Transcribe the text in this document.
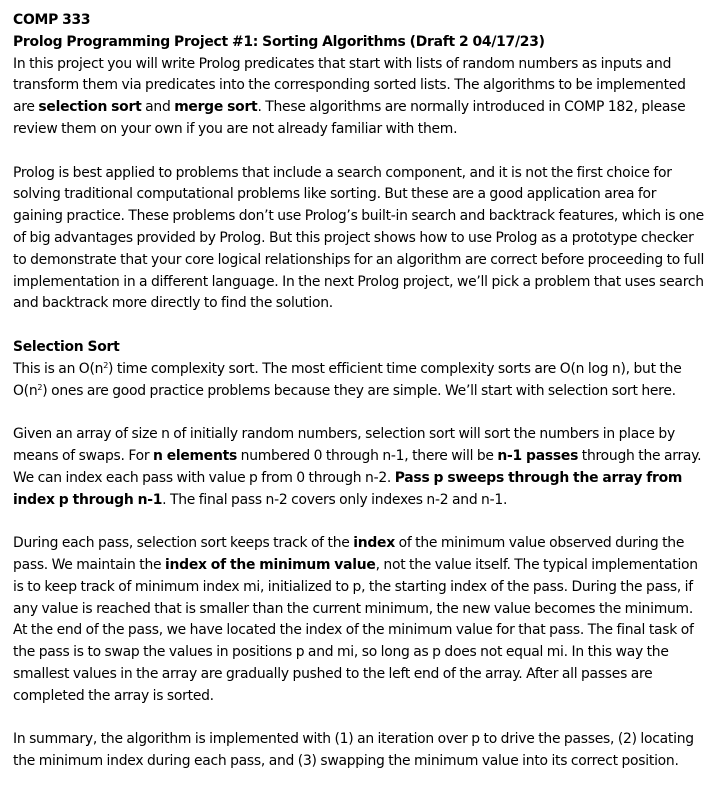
COMP 333

Prolog Programming Project #1: Sorting Algorithms (Draft 2 04/17/23)

In this project you will write Prolog predicates that start with lists of random numbers as inputs and transform them via predicates into the corresponding sorted lists. The algorithms to be implemented are selection sort and merge sort. These algorithms are normally introduced in COMP 182, please review them on your own if you are not already familiar with them.

Prolog is best applied to problems that include a search component, and it is not the first choice for solving traditional computational problems like sorting. But these are a good application area for gaining practice. These problems don’t use Prolog’s built-in search and backtrack features, which is one of big advantages provided by Prolog. But this project shows how to use Prolog as a prototype checker to demonstrate that your core logical relationships for an algorithm are correct before proceeding to full implementation in a different language. In the next Prolog project, we’ll pick a problem that uses search and backtrack more directly to find the solution.

Selection Sort

This is an $O(n^2)$ time complexity sort. The most efficient time complexity sorts are O(n log n), but the $O(n^2)$ ones are good practice problems because they are simple. We’ll start with selection sort here.

Given an array of size n of initially random numbers, selection sort will sort the numbers in place by means of swaps. For n elements numbered 0 through n-1, there will be n-1 passes through the array. We can index each pass with value p from 0 through n-2. Pass p sweeps through the array from index p through n-1. The final pass n-2 covers only indexes n-2 and n-1.

During each pass, selection sort keeps track of the index of the minimum value observed during the pass. We maintain the index of the minimum value, not the value itself. The typical implementation is to keep track of minimum index mi, initialized to p, the starting index of the pass. During the pass, if any value is reached that is smaller than the current minimum, the new value becomes the minimum.

At the end of the pass, we have located the index of the minimum value for that pass. The final task of the pass is to swap the values in positions p and mi, so long as p does not equal mi. In this way the smallest values in the array are gradually pushed to the left end of the array. After all passes are completed the array is sorted.

In summary, the algorithm is implemented with (1) an iteration over p to drive the passes, (2) locating the minimum index during each pass, and (3) swapping the minimum value into its correct position.
